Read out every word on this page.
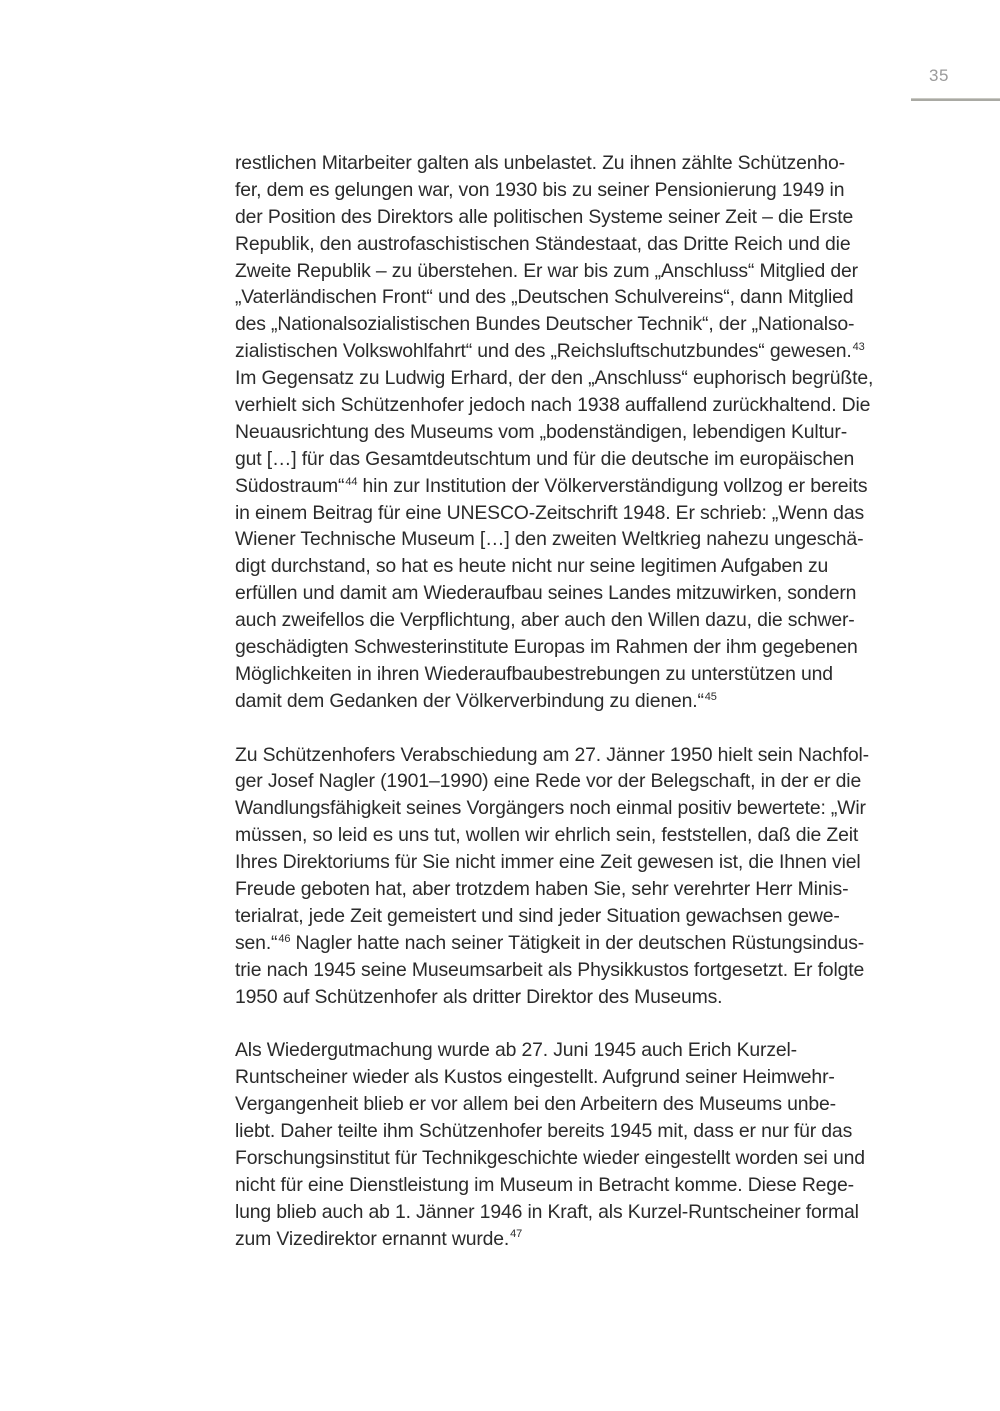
35
restlichen Mitarbeiter galten als unbelastet. Zu ihnen zählte Schützenho-
fer, dem es gelungen war, von 1930 bis zu seiner Pensionierung 1949 in
der Position des Direktors alle politischen Systeme seiner Zeit – die Erste
Republik, den austrofaschistischen Ständestaat, das Dritte Reich und die
Zweite Republik – zu überstehen. Er war bis zum „Anschluss“ Mitglied der
„Vaterländischen Front“ und des „Deutschen Schulvereins“, dann Mitglied
des „Nationalsozialistischen Bundes Deutscher Technik“, der „Nationalso-
zialistischen Volkswohlfahrt“ und des „Reichsluftschutzbundes“ gewesen.$^{43}$
Im Gegensatz zu Ludwig Erhard, der den „Anschluss“ euphorisch begrüßte,
verhielt sich Schützenhofer jedoch nach 1938 auffallend zurückhaltend. Die
Neuausrichtung des Museums vom „bodenständigen, lebendigen Kultur-
gut […] für das Gesamtdeutschtum und für die deutsche im europäischen
Südostraum“$^{44}$ hin zur Institution der Völkerverständigung vollzog er bereits
in einem Beitrag für eine UNESCO-Zeitschrift 1948. Er schrieb: „Wenn das
Wiener Technische Museum […] den zweiten Weltkrieg nahezu ungeschä-
digt durchstand, so hat es heute nicht nur seine legitimen Aufgaben zu
erfüllen und damit am Wiederaufbau seines Landes mitzuwirken, sondern
auch zweifellos die Verpflichtung, aber auch den Willen dazu, die schwer-
geschädigten Schwesterinstitute Europas im Rahmen der ihm gegebenen
Möglichkeiten in ihren Wiederaufbaubestrebungen zu unterstützen und
damit dem Gedanken der Völkerverbindung zu dienen.“$^{45}$
Zu Schützenhofers Verabschiedung am 27. Jänner 1950 hielt sein Nachfol-
ger Josef Nagler (1901–1990) eine Rede vor der Belegschaft, in der er die
Wandlungsfähigkeit seines Vorgängers noch einmal positiv bewertete: „Wir
müssen, so leid es uns tut, wollen wir ehrlich sein, feststellen, daß die Zeit
Ihres Direktoriums für Sie nicht immer eine Zeit gewesen ist, die Ihnen viel
Freude geboten hat, aber trotzdem haben Sie, sehr verehrter Herr Minis-
terialrat, jede Zeit gemeistert und sind jeder Situation gewachsen gewe-
sen.“$^{46}$ Nagler hatte nach seiner Tätigkeit in der deutschen Rüstungsindus-
trie nach 1945 seine Museumsarbeit als Physikkustos fortgesetzt. Er folgte
1950 auf Schützenhofer als dritter Direktor des Museums.
Als Wiedergutmachung wurde ab 27. Juni 1945 auch Erich Kurzel-
Runtscheiner wieder als Kustos eingestellt. Aufgrund seiner Heimwehr-
Vergangenheit blieb er vor allem bei den Arbeitern des Museums unbe-
liebt. Daher teilte ihm Schützenhofer bereits 1945 mit, dass er nur für das
Forschungsinstitut für Technikgeschichte wieder eingestellt worden sei und
nicht für eine Dienstleistung im Museum in Betracht komme. Diese Rege-
lung blieb auch ab 1. Jänner 1946 in Kraft, als Kurzel-Runtscheiner formal
zum Vizedirektor ernannt wurde.$^{47}$
